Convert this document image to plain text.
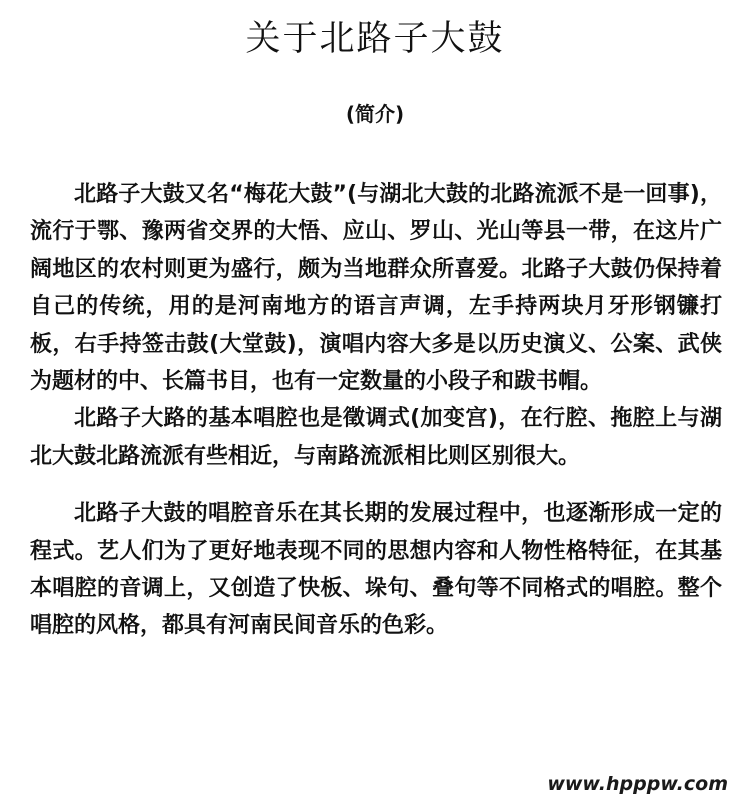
关于北路子大鼓
(简介)

北路子大鼓又名“梅花大鼓”(与湖北大鼓的北路流派不是一回事)，流行于鄂、豫两省交界的大悟、应山、罗山、光山等县一带，在这片广阔地区的农村则更为盛行，颇为当地群众所喜爱。北路子大鼓仍保持着自己的传统，用的是河南地方的语言声调，左手持两块月牙形钢镰打板，右手持签击鼓(大堂鼓)，演唱内容大多是以历史演义、公案、武侠为题材的中、长篇书目，也有一定数量的小段子和跋书帽。

北路子大路的基本唱腔也是徵调式(加变宫)，在行腔、拖腔上与湖北大鼓北路流派有些相近，与南路流派相比则区别很大。

北路子大鼓的唱腔音乐在其长期的发展过程中，也逐渐形成一定的程式。艺人们为了更好地表现不同的思想内容和人物性格特征，在其基本唱腔的音调上，又创造了快板、垛句、叠句等不同格式的唱腔。整个唱腔的风格，都具有河南民间音乐的色彩。

www.hpppw.com
